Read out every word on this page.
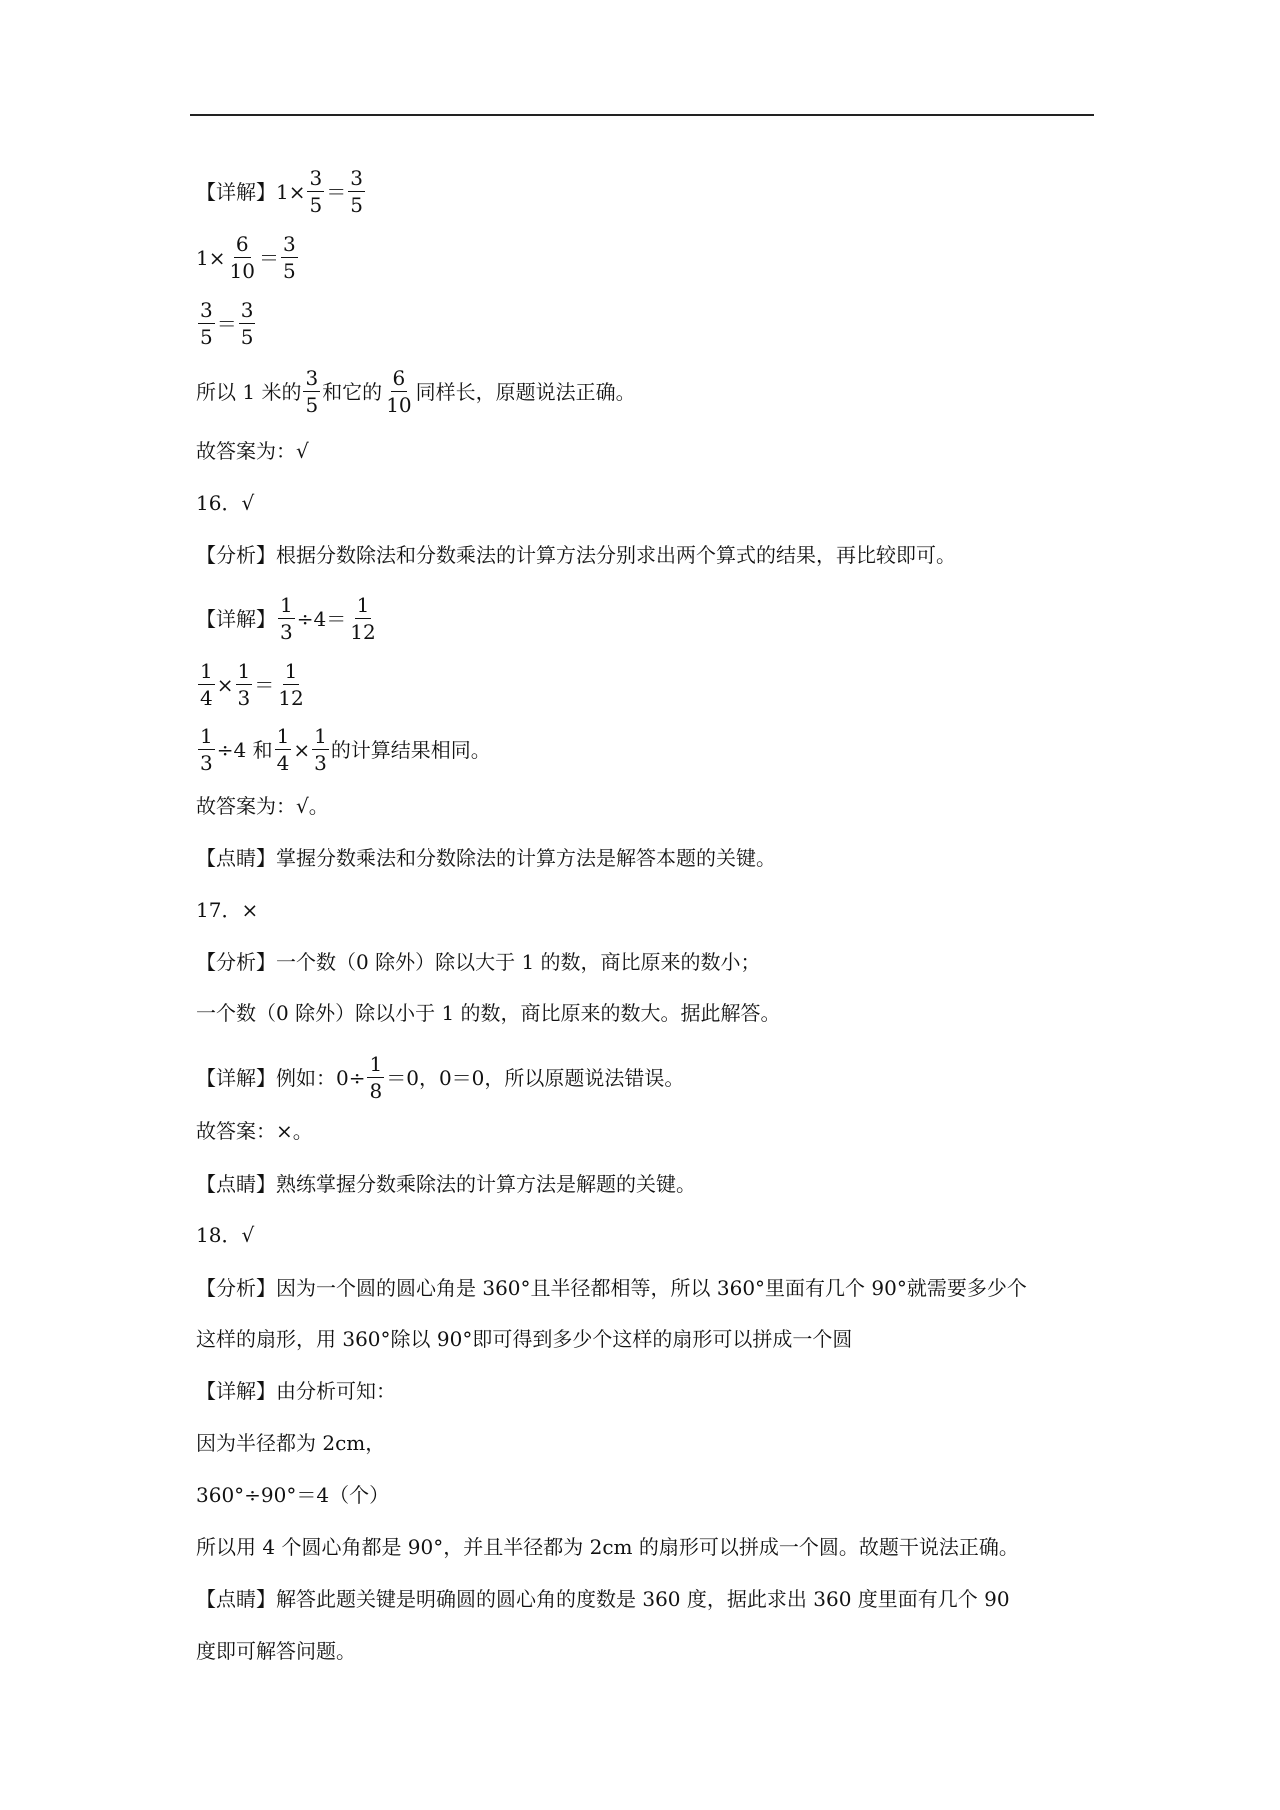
【详解】 $1\times \frac{3}{5} = \frac{3}{5}$
$1\times \frac{6}{10} = \frac{3}{5}$
$\frac{3}{5} = \frac{3}{5}$
所以 1 米的 $\frac{3}{5}$ 和它的 $\frac{6}{10}$ 同样长，原题说法正确。
故答案为：√
16．√
【分析】根据分数除法和分数乘法的计算方法分别求出两个算式的结果，再比较即可。
【详解】 $\frac{1}{3} \div 4= \frac{1}{12}$
$\frac{1}{4} \times \frac{1}{3} = \frac{1}{12}$
$\frac{1}{3} \div 4$ 和 $\frac{1}{4} \times \frac{1}{3}$ 的计算结果相同。
故答案为：√。
【点睛】掌握分数乘法和分数除法的计算方法是解答本题的关键。
17．×
【分析】一个数（0 除外）除以大于 1 的数，商比原来的数小；
一个数（0 除外）除以小于 1 的数，商比原来的数大。据此解答。
【详解】例如：$0\div \frac{1}{8} =0$，0＝0，所以原题说法错误。
故答案：×。
【点睛】熟练掌握分数乘除法的计算方法是解题的关键。
18．√
【分析】因为一个圆的圆心角是 360°且半径都相等，所以 360°里面有几个 90°就需要多少个
这样的扇形，用 360°除以 90°即可得到多少个这样的扇形可以拼成一个圆
【详解】由分析可知：
因为半径都为 2cm，
360°÷90°＝4（个）
所以用 4 个圆心角都是 90°，并且半径都为 2cm 的扇形可以拼成一个圆。故题干说法正确。
【点睛】解答此题关键是明确圆的圆心角的度数是 360 度，据此求出 360 度里面有几个 90
度即可解答问题。
